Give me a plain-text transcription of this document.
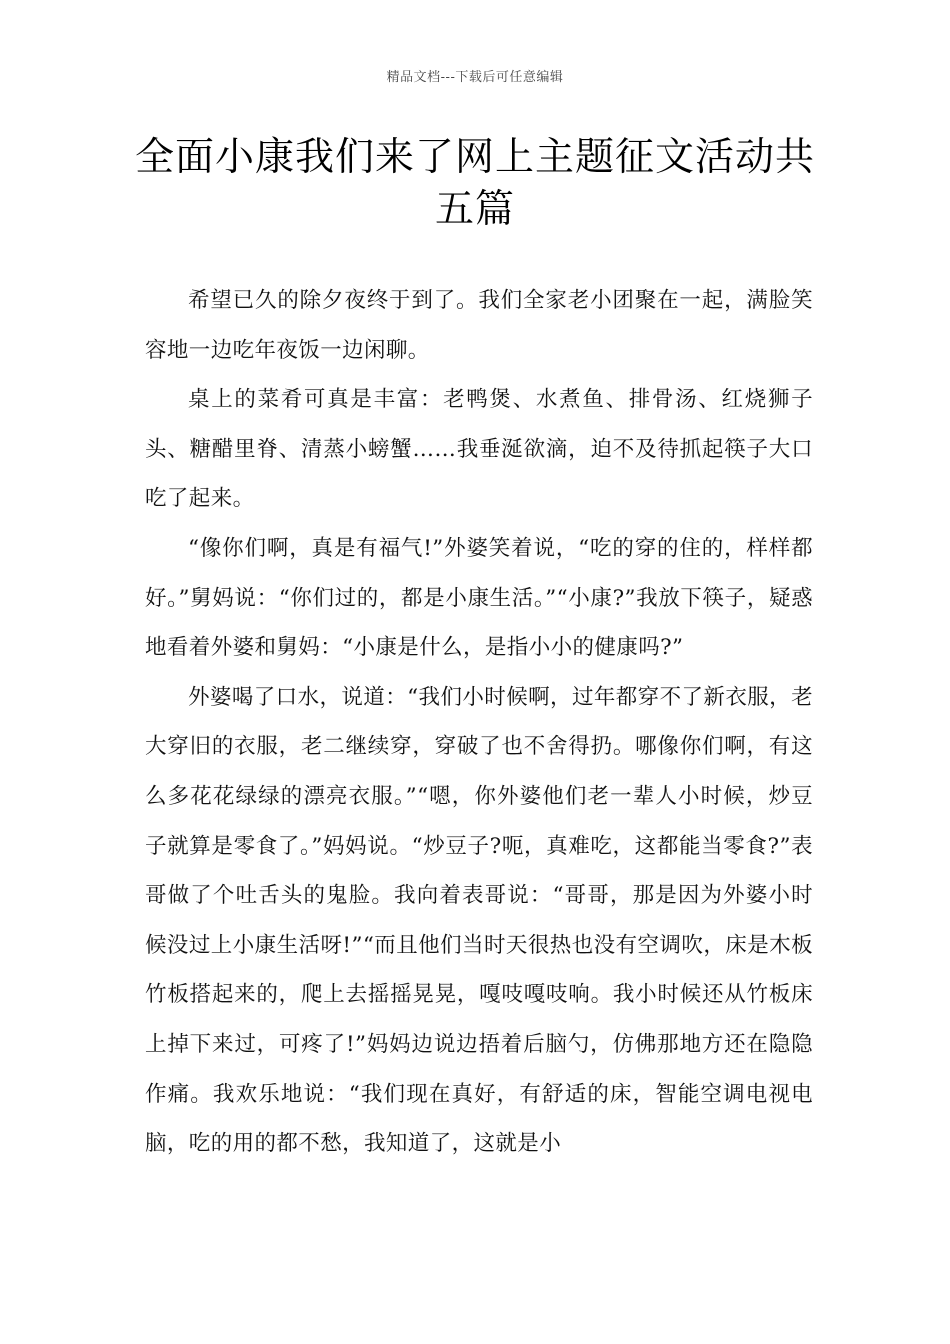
精品文档---下载后可任意编辑
全面小康我们来了网上主题征文活动共
五篇

希望已久的除夕夜终于到了。我们全家老小团聚在一起，满脸笑容地一边吃年夜饭一边闲聊。

桌上的菜肴可真是丰富：老鸭煲、水煮鱼、排骨汤、红烧狮子头、糖醋里脊、清蒸小螃蟹……我垂涎欲滴，迫不及待抓起筷子大口吃了起来。

“像你们啊，真是有福气!”外婆笑着说，“吃的穿的住的，样样都好。”舅妈说：“你们过的，都是小康生活。”“小康?”我放下筷子，疑惑地看着外婆和舅妈：“小康是什么，是指小小的健康吗?”

外婆喝了口水，说道：“我们小时候啊，过年都穿不了新衣服，老大穿旧的衣服，老二继续穿，穿破了也不舍得扔。哪像你们啊，有这么多花花绿绿的漂亮衣服。”“嗯，你外婆他们老一辈人小时候，炒豆子就算是零食了。”妈妈说。“炒豆子?呃，真难吃，这都能当零食?”表哥做了个吐舌头的鬼脸。我向着表哥说：“哥哥，那是因为外婆小时候没过上小康生活呀!”“而且他们当时天很热也没有空调吹，床是木板竹板搭起来的，爬上去摇摇晃晃，嘎吱嘎吱响。我小时候还从竹板床上掉下来过，可疼了!”妈妈边说边捂着后脑勺，仿佛那地方还在隐隐作痛。我欢乐地说：“我们现在真好，有舒适的床，智能空调电视电脑，吃的用的都不愁，我知道了，这就是小
